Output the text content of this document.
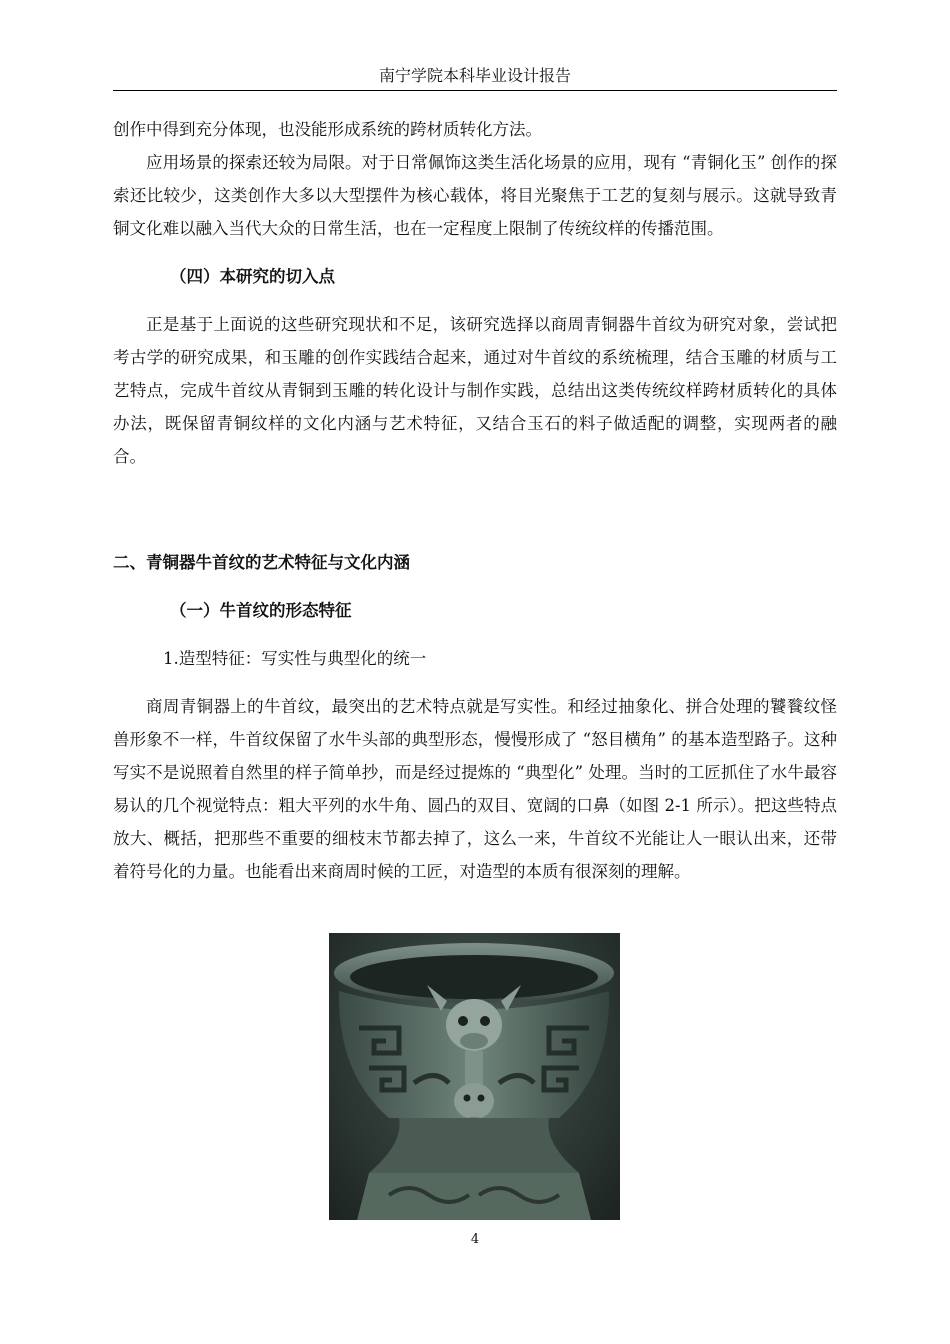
南宁学院本科毕业设计报告

创作中得到充分体现，也没能形成系统的跨材质转化方法。

应用场景的探索还较为局限。对于日常佩饰这类生活化场景的应用，现有 “青铜化玉” 创作的探索还比较少，这类创作大多以大型摆件为核心载体，将目光聚焦于工艺的复刻与展示。这就导致青铜文化难以融入当代大众的日常生活，也在一定程度上限制了传统纹样的传播范围。

（四）本研究的切入点

正是基于上面说的这些研究现状和不足，该研究选择以商周青铜器牛首纹为研究对象，尝试把考古学的研究成果，和玉雕的创作实践结合起来，通过对牛首纹的系统梳理，结合玉雕的材质与工艺特点，完成牛首纹从青铜到玉雕的转化设计与制作实践，总结出这类传统纹样跨材质转化的具体办法，既保留青铜纹样的文化内涵与艺术特征，又结合玉石的料子做适配的调整，实现两者的融合。

二、青铜器牛首纹的艺术特征与文化内涵

（一）牛首纹的形态特征

1.造型特征：写实性与典型化的统一

商周青铜器上的牛首纹，最突出的艺术特点就是写实性。和经过抽象化、拼合处理的饕餮纹怪兽形象不一样，牛首纹保留了水牛头部的典型形态，慢慢形成了 “怒目横角” 的基本造型路子。这种写实不是说照着自然里的样子简单抄，而是经过提炼的 “典型化” 处理。当时的工匠抓住了水牛最容易认的几个视觉特点：粗大平列的水牛角、圆凸的双目、宽阔的口鼻（如图 2-1 所示）。把这些特点放大、概括，把那些不重要的细枝末节都去掉了，这么一来，牛首纹不光能让人一眼认出来，还带着符号化的力量。也能看出来商周时候的工匠，对造型的本质有很深刻的理解。

4
